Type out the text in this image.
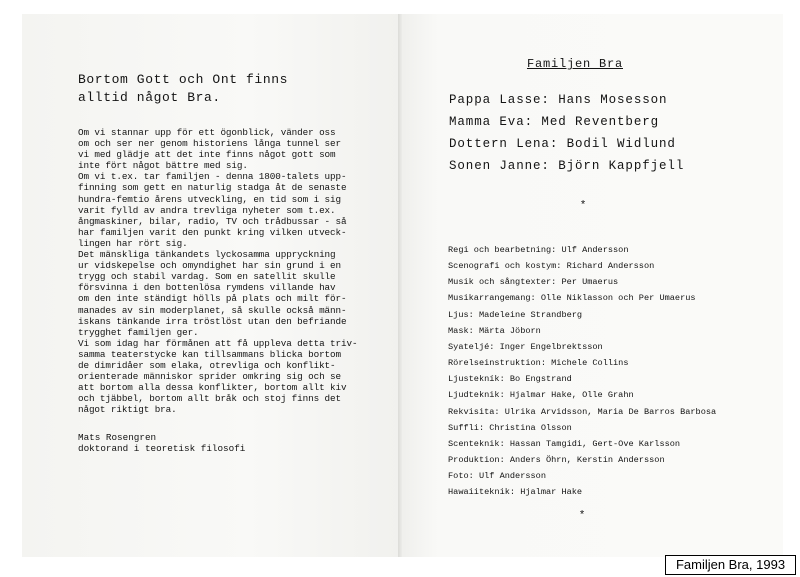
Bortom Gott och Ont finns
alltid något Bra.

Om vi stannar upp för ett ögonblick, vänder oss
om och ser ner genom historiens långa tunnel ser
vi med glädje att det inte finns något gott som
inte fört något bättre med sig.

Om vi t.ex. tar familjen - denna 1800-talets upp-
finning som gett en naturlig stadga åt de senaste
hundra-femtio årens utveckling, en tid som i sig
varit fylld av andra trevliga nyheter som t.ex.
ångmaskiner, bilar, radio, TV och trådbussar - så
har familjen varit den punkt kring vilken utveck-
lingen har rört sig.

Det mänskliga tänkandets lyckosamma uppryckning
ur vidskepelse och omyndighet har sin grund i en
trygg och stabil vardag. Som en satellit skulle
försvinna i den bottenlösa rymdens villande hav
om den inte ständigt hölls på plats och milt för-
manades av sin moderplanet, så skulle också männ-
iskans tänkande irra tröstlöst utan den befriande
trygghet familjen ger.

Vi som idag har förmånen att få uppleva detta triv-
samma teaterstycke kan tillsammans blicka bortom
de dimridåer som elaka, otrevliga och konflikt-
orienterade människor sprider omkring sig och se
att bortom alla dessa konflikter, bortom allt kiv
och tjäbbel, bortom allt bråk och stoj finns det
något riktigt bra.

Mats Rosengren
doktorand i teoretisk filosofi
Familjen Bra
Pappa Lasse: Hans Mosesson
Mamma Eva: Med Reventberg
Dottern Lena: Bodil Widlund
Sonen Janne: Björn Kappfjell
*
Regi och bearbetning: Ulf Andersson
Scenografi och kostym: Richard Andersson
Musik och sångtexter: Per Umaerus
Musikarrangemang: Olle Niklasson och Per Umaerus
Ljus: Madeleine Strandberg
Mask: Märta Jöborn
Syateljé: Inger Engelbrektsson
Rörelseinstruktion: Michele Collins
Ljustekník: Bo Engstrand
Ljudteknik: Hjalmar Hake, Olle Grahn
Rekvisita: Ulrika Arvidsson, Maria De Barros Barbosa
Suffli: Christina Olsson
Scenteknik: Hassan Tamgidi, Gert-Ove Karlsson
Produktion: Anders Öhrn, Kerstin Andersson
Foto: Ulf Andersson
Hawaiiteknik: Hjalmar Hake
*
Familjen Bra, 1993
